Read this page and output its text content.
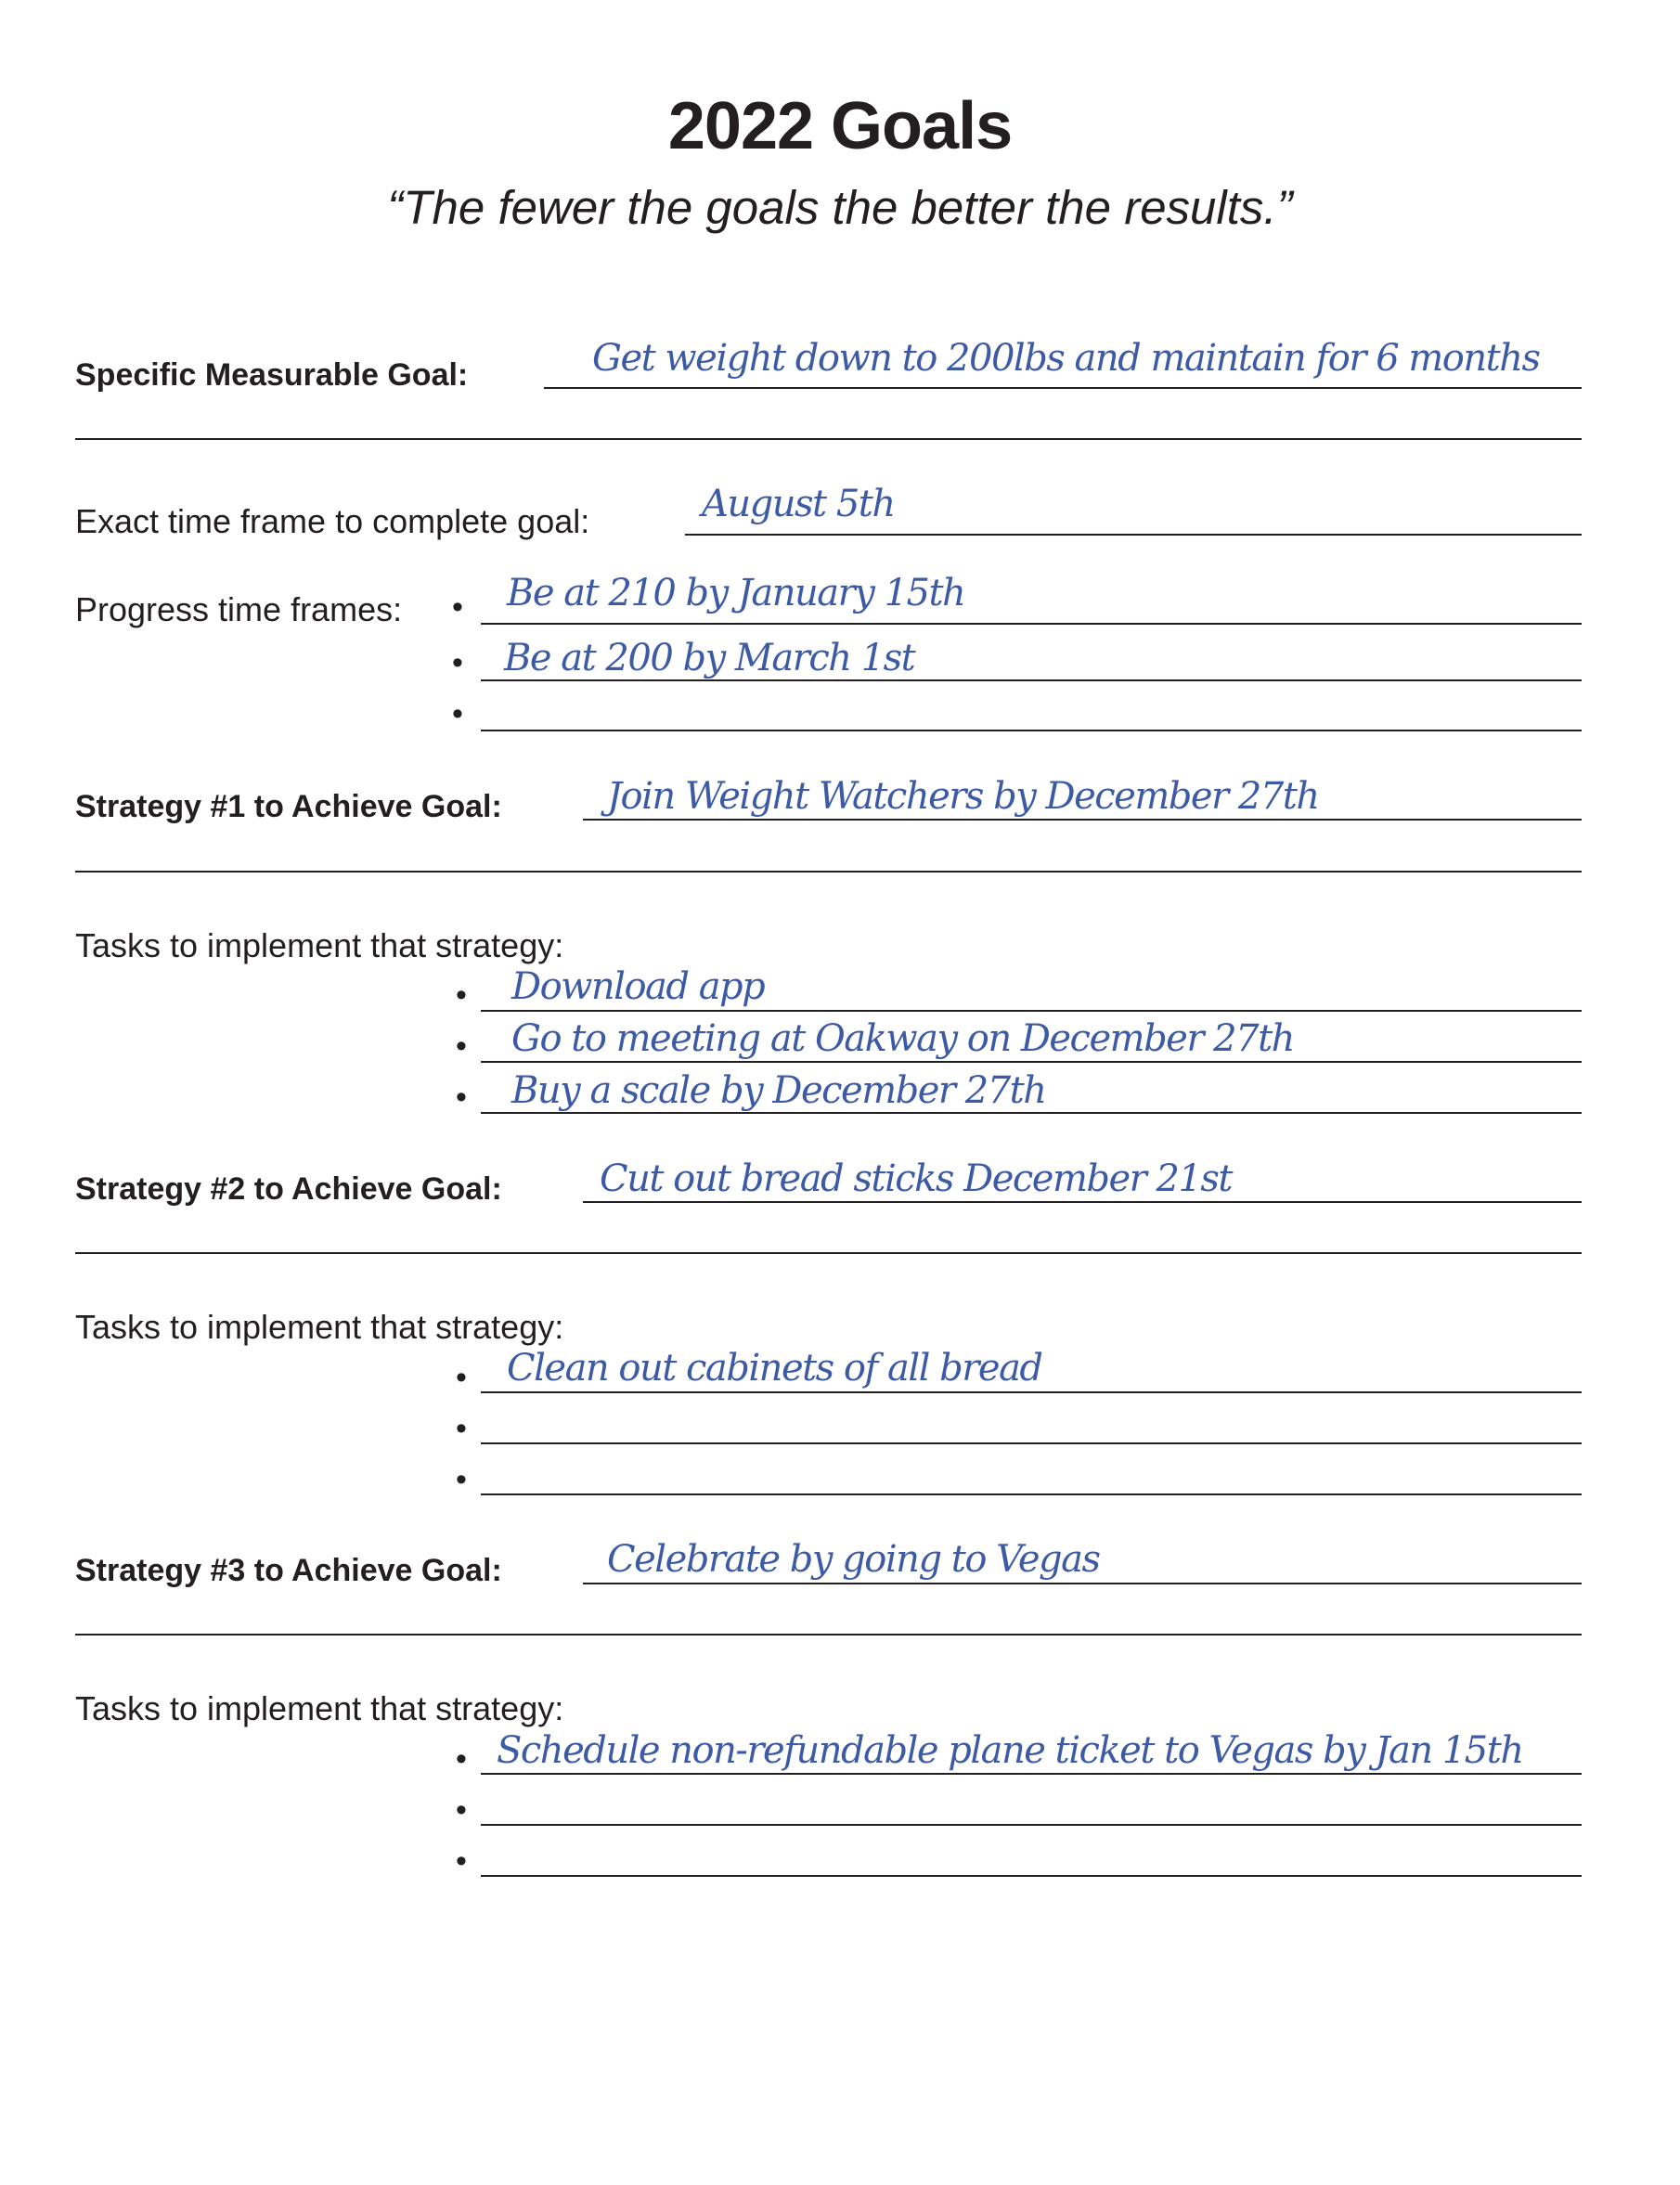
2022 Goals
“The fewer the goals the better the results.”
Specific Measurable Goal:	Get weight down to 200lbs and maintain for 6 months
Exact time frame to complete goal:	August 5th
Progress time frames: • Be at 210 by January 15th
• Be at 200 by March 1st
•
Strategy #1 to Achieve Goal:	Join Weight Watchers by December 27th
Tasks to implement that strategy:
• Download app
• Go to meeting at Oakway on December 27th
• Buy a scale by December 27th
Strategy #2 to Achieve Goal:	Cut out bread sticks December 21st
Tasks to implement that strategy:
• Clean out cabinets of all bread
•
•
Strategy #3 to Achieve Goal:	Celebrate by going to Vegas
Tasks to implement that strategy:
• Schedule non-refundable plane ticket to Vegas by Jan 15th
•
•
